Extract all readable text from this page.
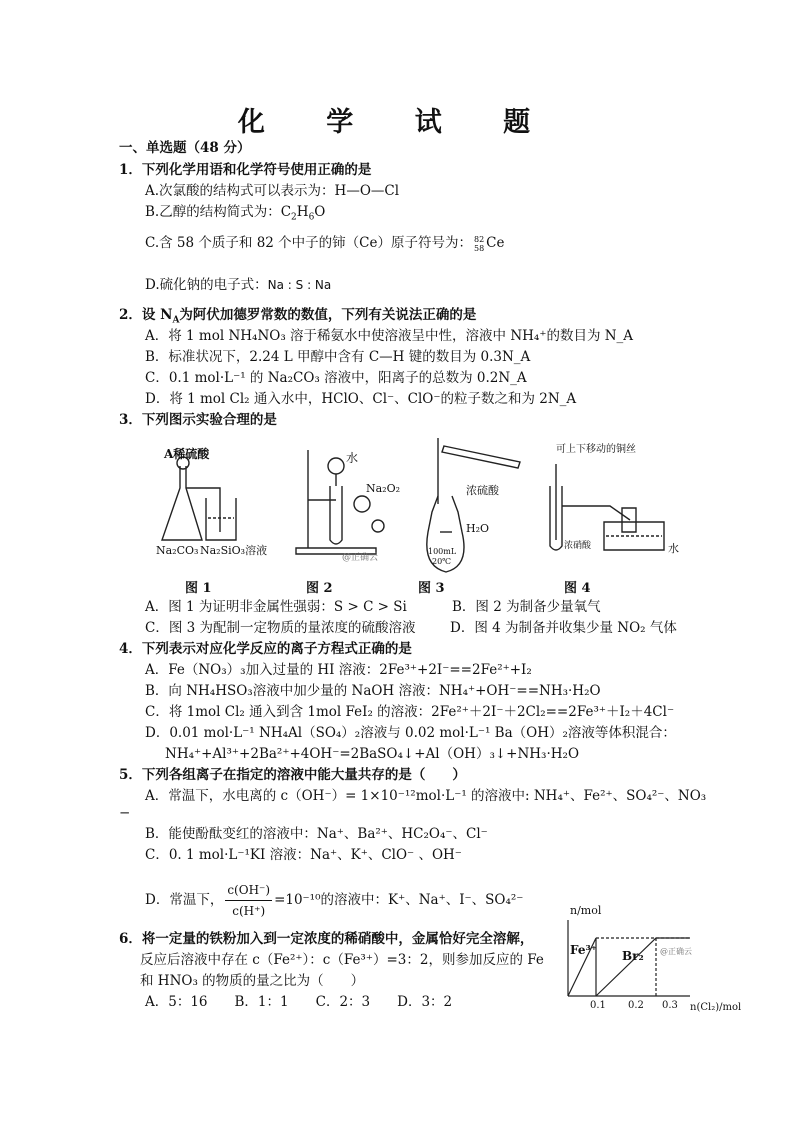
化 学 试 题
一、单选题（48 分）
1．下列化学用语和化学符号使用正确的是
A.次氯酸的结构式可以表示为：H—O—Cl
B.乙醇的结构简式为：$C_2H_6O$
C.含 58 个质子和 82 个中子的铈（Ce）原子符号为： 82
58 Ce
D.硫化钠的电子式：Na : S : Na
2．设 $N_A$为阿伏加德罗常数的数值，下列有关说法正确的是
A．将 1 mol NH₄NO₃ 溶于稀氨水中使溶液呈中性，溶液中 NH₄⁺的数目为 N_A
B．标准状况下，2.24 L 甲醇中含有 C—H 键的数目为 0.3N_A
C．0.1 mol·L⁻¹ 的 Na₂CO₃ 溶液中，阳离子的总数为 0.2N_A
D．将 1 mol Cl₂ 通入水中，HClO、Cl⁻、ClO⁻的粒子数之和为 2N_A
3．下列图示实验合理的是
A稀硫酸
Na₂CO₃ Na₂SiO₃溶液
水
Na₂O₂
@正确云
浓硫酸
H₂O
100mL
20℃
可上下移动的铜丝
浓硝酸	水
图 1	图 2	图 3	图 4
A．图 1 为证明非金属性强弱：S > C > Si	B．图 2 为制备少量氧气
C．图 3 为配制一定物质的量浓度的硫酸溶液	D．图 4 为制备并收集少量 NO₂ 气体
4．下列表示对应化学反应的离子方程式正确的是
A．Fe（NO₃）₃加入过量的 HI 溶液：2Fe³⁺+2I⁻==2Fe²⁺+I₂
B．向 NH₄HSO₃溶液中加少量的 NaOH 溶液：NH₄⁺+OH⁻==NH₃·H₂O
C．将 1mol Cl₂ 通入到含 1mol FeI₂ 的溶液：2Fe²⁺＋2I⁻＋2Cl₂==2Fe³⁺＋I₂＋4Cl⁻
D．0.01 mol·L⁻¹ NH₄Al（SO₄）₂溶液与 0.02 mol·L⁻¹ Ba（OH）₂溶液等体积混合：
NH₄⁺+Al³⁺+2Ba²⁺+4OH⁻=2BaSO₄↓+Al（OH）₃↓+NH₃·H₂O
5．下列各组离子在指定的溶液中能大量共存的是（　　）
A．常温下，水电离的 c（OH⁻）= 1×10⁻¹²mol·L⁻¹ 的溶液中: NH₄⁺、Fe²⁺、SO₄²⁻、NO₃
−
B．能使酚酞变红的溶液中：Na⁺、Ba²⁺、HC₂O₄⁻、Cl⁻
C．0. 1 mol·L⁻¹KI 溶液：Na⁺、K⁺、ClO⁻ 、OH⁻
D．常温下， $\frac{c(OH^-)}{c(H^+)} =10^{-10}$的溶液中：K⁺、Na⁺、I⁻、SO₄²⁻
6．将一定量的铁粉加入到一定浓度的稀硝酸中，金属恰好完全溶解，
反应后溶液中存在 c（Fe²⁺）：c（Fe³⁺）=3：2，则参加反应的 Fe
和 HNO₃ 的物质的量之比为（　　）
A．5：16　　B．1：1　　C．2：3　　D．3：2
n/mol
Fe³⁺ Br₂ @正确云
0.1 0.2 0.3 n(Cl₂)/mol
